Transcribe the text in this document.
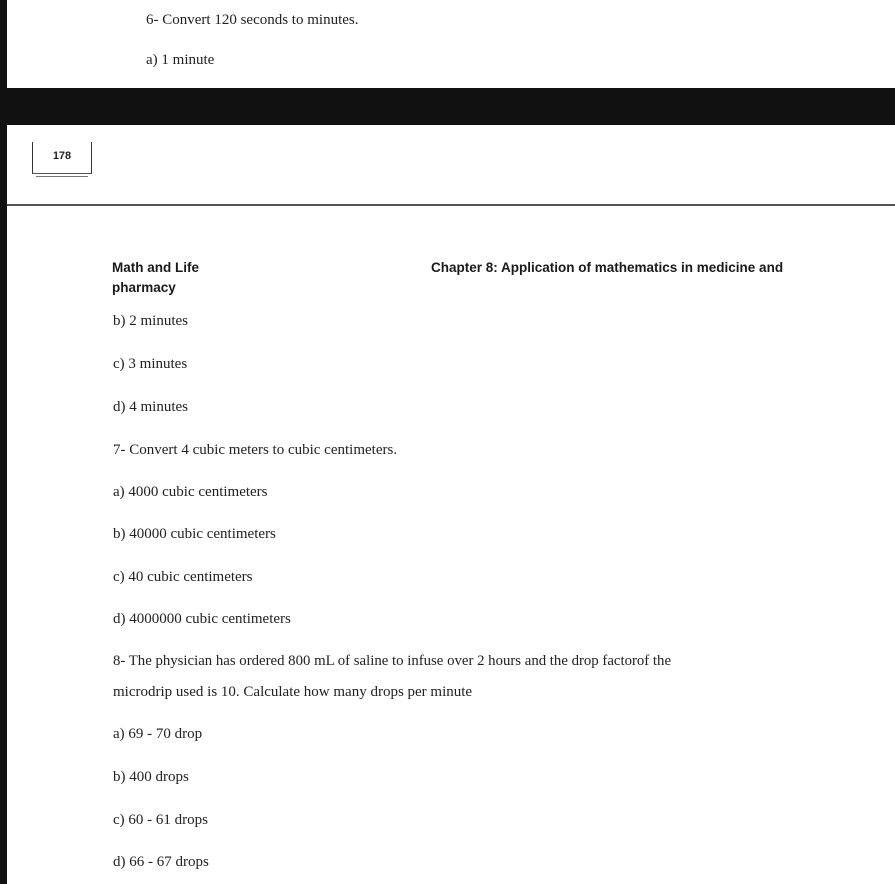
6- Convert 120 seconds to minutes.
a) 1 minute
178
Math and Life
pharmacy
Chapter 8: Application of mathematics in medicine and
b) 2 minutes
c) 3 minutes
d) 4 minutes
7- Convert 4 cubic meters to cubic centimeters.
a) 4000 cubic centimeters
b) 40000 cubic centimeters
c) 40 cubic centimeters
d) 4000000 cubic centimeters
8- The physician has ordered 800 mL of saline to infuse over 2 hours and the drop factorof the
microdrip used is 10. Calculate how many drops per minute
a) 69 - 70 drop
b) 400 drops
c) 60 - 61 drops
d) 66 - 67 drops
